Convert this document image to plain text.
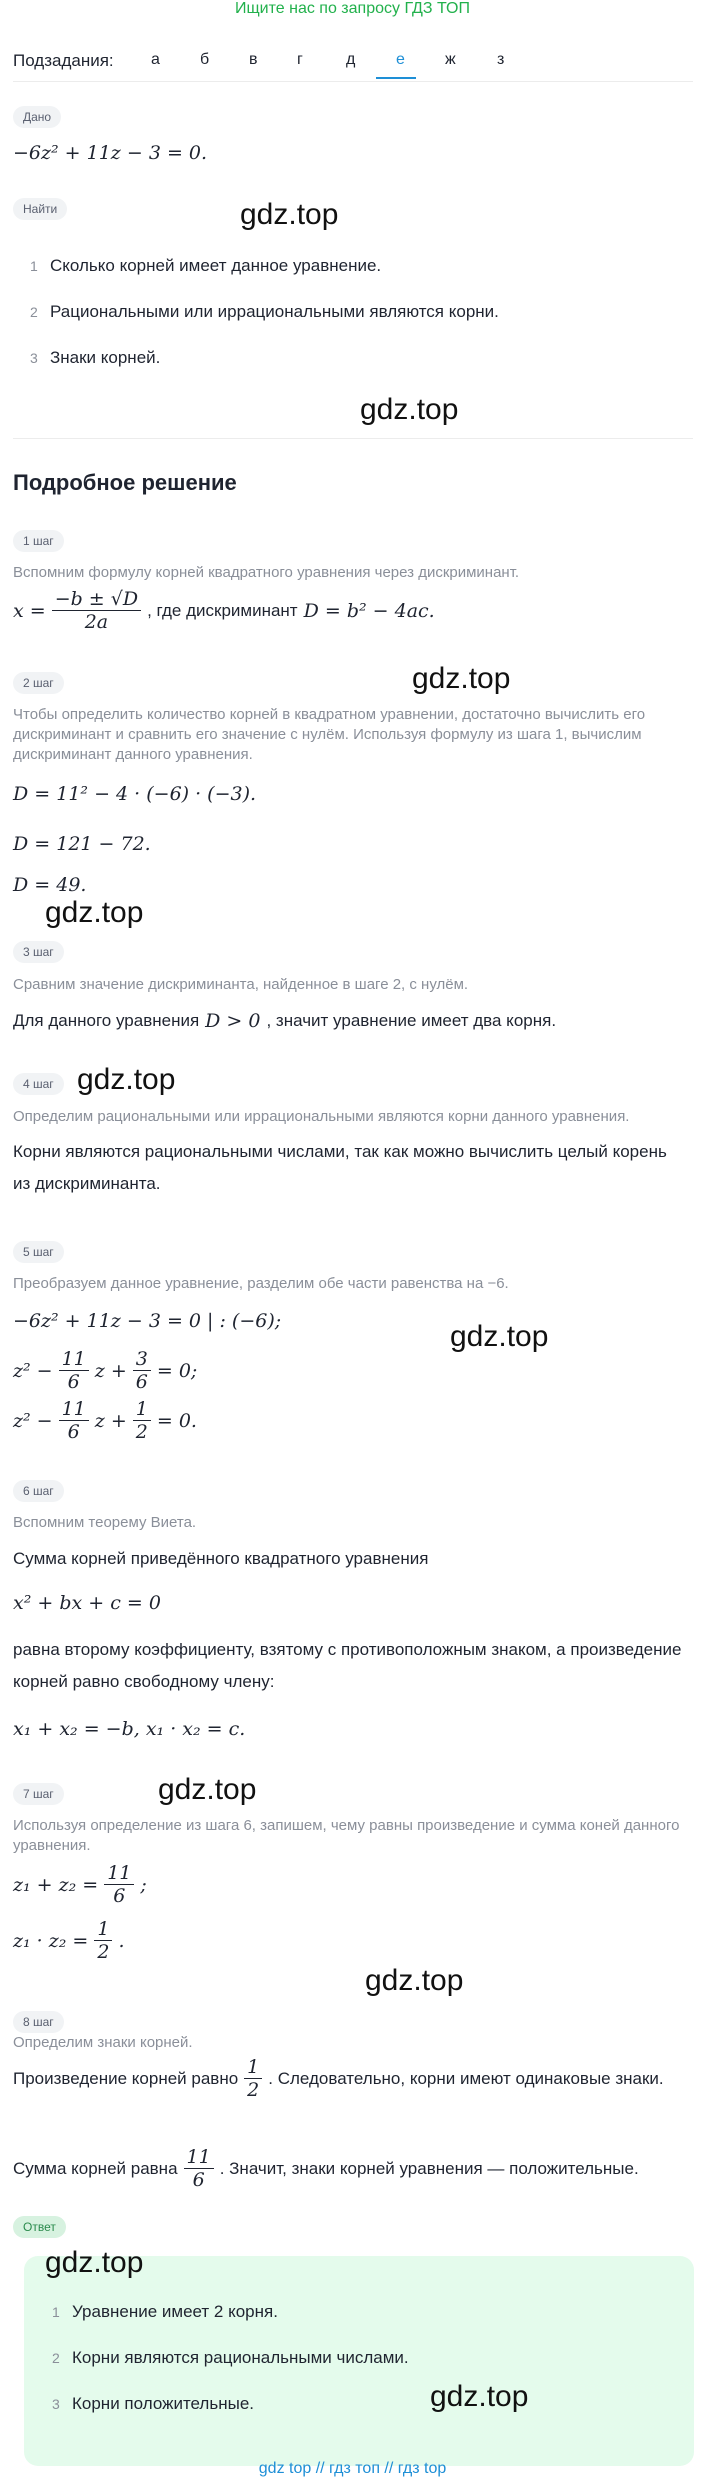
Ищите нас по запросу ГДЗ ТОП
Подзадания: а	б в г	д	е	ж	з
Дано
−6z² + 11z − 3 = 0.
Найти	gdz.top
1 Сколько корней имеет данное уравнение.
2 Рациональными или иррациональными являются корни.
3 Знаки корней.
gdz.top
Подробное решение
1 шаг
Вспомним формулу корней квадратного уравнения через дискриминант.
$x = \frac{-b \pm √D}{2a}$ , где дискриминант D = b² − 4ac.
2 шаг	gdz.top
Чтобы определить количество корней в квадратном уравнении, достаточно вычислить его дискриминант и сравнить его значение с нулём. Используя формулу из шага 1, вычислим дискриминант данного уравнения.
D = 11² − 4 · (−6) · (−3).
D = 121 − 72.
D = 49.
gdz.top
3 шаг
Сравним значение дискриминанта, найденное в шаге 2, с нулём.
Для данного уравнения D > 0 , значит уравнение имеет два корня.
4 шаг gdz.top
Определим рациональными или иррациональными являются корни данного уравнения.
Корни являются рациональными числами, так как можно вычислить целый корень из дискриминанта.
5 шаг
Преобразуем данное уравнение, разделим обе части равенства на −6.
−6z² + 11z − 3 = 0 | : (−6);	gdz.top
$z^2 - \frac{11}{6}$ $z + \frac{3}{6} = 0$;
$z^2 - \frac{11}{6}$ $z + \frac{1}{2} = 0$.
6 шаг
Вспомним теорему Виета.
Сумма корней приведённого квадратного уравнения
x² + bx + c = 0
равна второму коэффициенту, взятому с противоположным знаком, а произведение корней равно свободному члену:
x₁ + x₂ = −b, x₁ · x₂ = c.
7 шаг	gdz.top
Используя определение из шага 6, запишем, чему равны произведение и сумма коней данного уравнения.
$z_1 + z_2 = \frac{11}{6}$ ;
$z_1 \cdot z_2 = \frac{1}{2}$ .
gdz.top
8 шаг
Определим знаки корней.
Произведение корней равно $\frac{1}{2}$ . Следовательно, корни имеют одинаковые знаки.
Сумма корней равна $\frac{11}{6}$ . Значит, знаки корней уравнения — положительные.
Ответ
gdz.top
1 Уравнение имеет 2 корня.
2 Корни являются рациональными числами.
3 Корни положительные.	gdz.top
gdz top // гдз топ // гдз top
